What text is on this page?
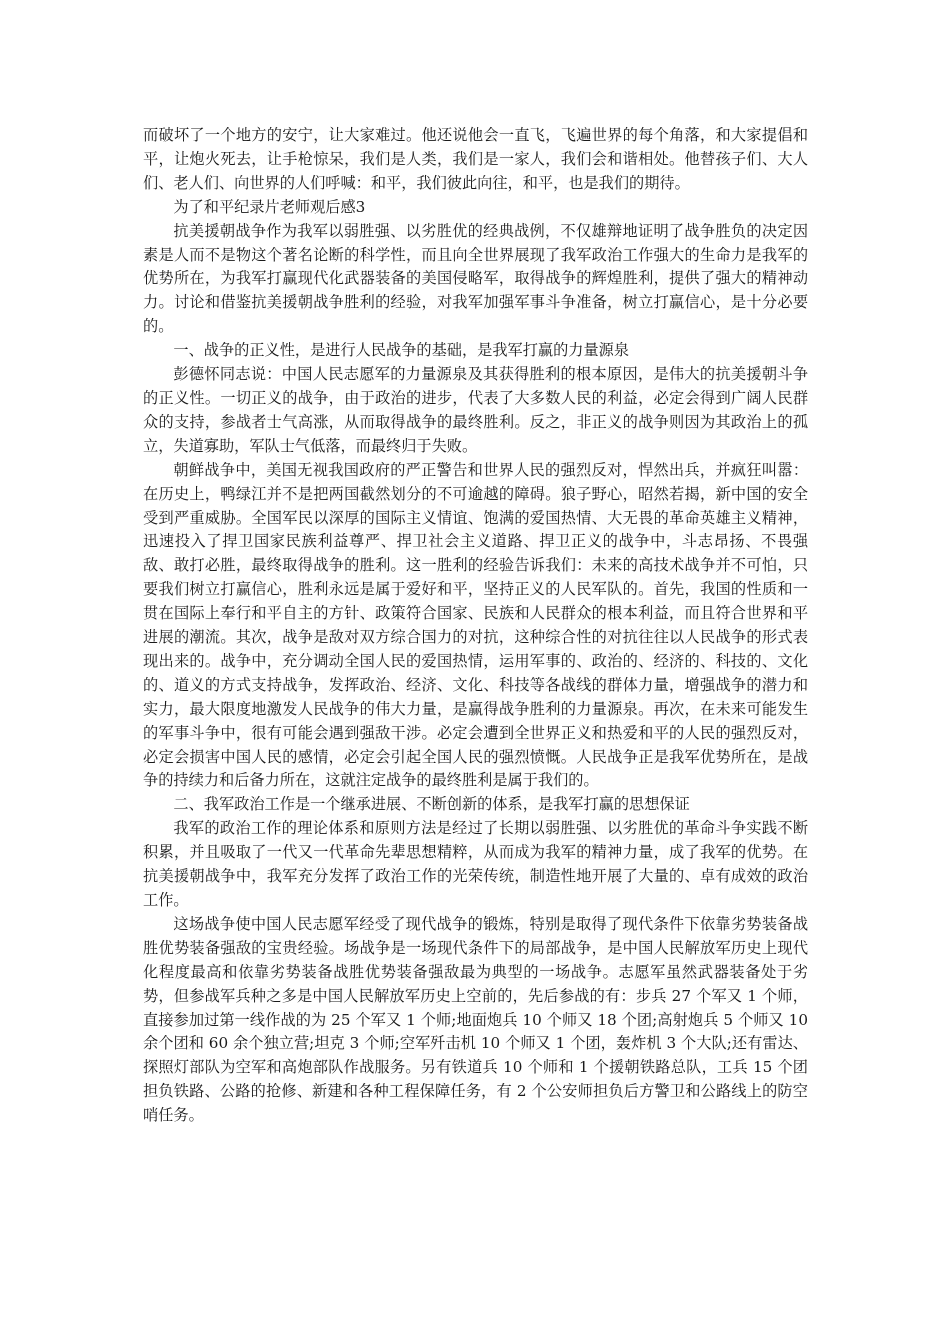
而破坏了一个地方的安宁，让大家难过。他还说他会一直飞，飞遍世界的每个角落，和大家提倡和平，让炮火死去，让手枪惊呆，我们是人类，我们是一家人，我们会和谐相处。他替孩子们、大人们、老人们、向世界的人们呼喊：和平，我们彼此向往，和平，也是我们的期待。

为了和平纪录片老师观后感3

抗美援朝战争作为我军以弱胜强、以劣胜优的经典战例，不仅雄辩地证明了战争胜负的决定因素是人而不是物这个著名论断的科学性，而且向全世界展现了我军政治工作强大的生命力是我军的优势所在，为我军打赢现代化武器装备的美国侵略军，取得战争的辉煌胜利，提供了强大的精神动力。讨论和借鉴抗美援朝战争胜利的经验，对我军加强军事斗争准备，树立打赢信心，是十分必要的。

一、战争的正义性，是进行人民战争的基础，是我军打赢的力量源泉

彭德怀同志说：中国人民志愿军的力量源泉及其获得胜利的根本原因，是伟大的抗美援朝斗争的正义性。一切正义的战争，由于政治的进步，代表了大多数人民的利益，必定会得到广阔人民群众的支持，参战者士气高涨，从而取得战争的最终胜利。反之，非正义的战争则因为其政治上的孤立，失道寡助，军队士气低落，而最终归于失败。

朝鲜战争中，美国无视我国政府的严正警告和世界人民的强烈反对，悍然出兵，并疯狂叫嚣：在历史上，鸭绿江并不是把两国截然划分的不可逾越的障碍。狼子野心，昭然若揭，新中国的安全受到严重威胁。全国军民以深厚的国际主义情谊、饱满的爱国热情、大无畏的革命英雄主义精神，迅速投入了捍卫国家民族利益尊严、捍卫社会主义道路、捍卫正义的战争中，斗志昂扬、不畏强敌、敢打必胜，最终取得战争的胜利。这一胜利的经验告诉我们：未来的高技术战争并不可怕，只要我们树立打赢信心，胜利永远是属于爱好和平，坚持正义的人民军队的。首先，我国的性质和一贯在国际上奉行和平自主的方针、政策符合国家、民族和人民群众的根本利益，而且符合世界和平进展的潮流。其次，战争是敌对双方综合国力的对抗，这种综合性的对抗往往以人民战争的形式表现出来的。战争中，充分调动全国人民的爱国热情，运用军事的、政治的、经济的、科技的、文化的、道义的方式支持战争，发挥政治、经济、文化、科技等各战线的群体力量，增强战争的潜力和实力，最大限度地激发人民战争的伟大力量，是赢得战争胜利的力量源泉。再次，在未来可能发生的军事斗争中，很有可能会遇到强敌干涉。必定会遭到全世界正义和热爱和平的人民的强烈反对，必定会损害中国人民的感情，必定会引起全国人民的强烈愤慨。人民战争正是我军优势所在，是战争的持续力和后备力所在，这就注定战争的最终胜利是属于我们的。

二、我军政治工作是一个继承进展、不断创新的体系，是我军打赢的思想保证

我军的政治工作的理论体系和原则方法是经过了长期以弱胜强、以劣胜优的革命斗争实践不断积累，并且吸取了一代又一代革命先辈思想精粹，从而成为我军的精神力量，成了我军的优势。在抗美援朝战争中，我军充分发挥了政治工作的光荣传统，制造性地开展了大量的、卓有成效的政治工作。

这场战争使中国人民志愿军经受了现代战争的锻炼，特别是取得了现代条件下依靠劣势装备战胜优势装备强敌的宝贵经验。场战争是一场现代条件下的局部战争，是中国人民解放军历史上现代化程度最高和依靠劣势装备战胜优势装备强敌最为典型的一场战争。志愿军虽然武器装备处于劣势，但参战军兵种之多是中国人民解放军历史上空前的，先后参战的有：步兵 27 个军又 1 个师，直接参加过第一线作战的为 25 个军又 1 个师;地面炮兵 10 个师又 18 个团;高射炮兵 5 个师又 10 余个团和 60 余个独立营;坦克 3 个师;空军歼击机 10 个师又 1 个团，轰炸机 3 个大队;还有雷达、探照灯部队为空军和高炮部队作战服务。另有铁道兵 10 个师和 1 个援朝铁路总队，工兵 15 个团担负铁路、公路的抢修、新建和各种工程保障任务，有 2 个公安师担负后方警卫和公路线上的防空哨任务。
